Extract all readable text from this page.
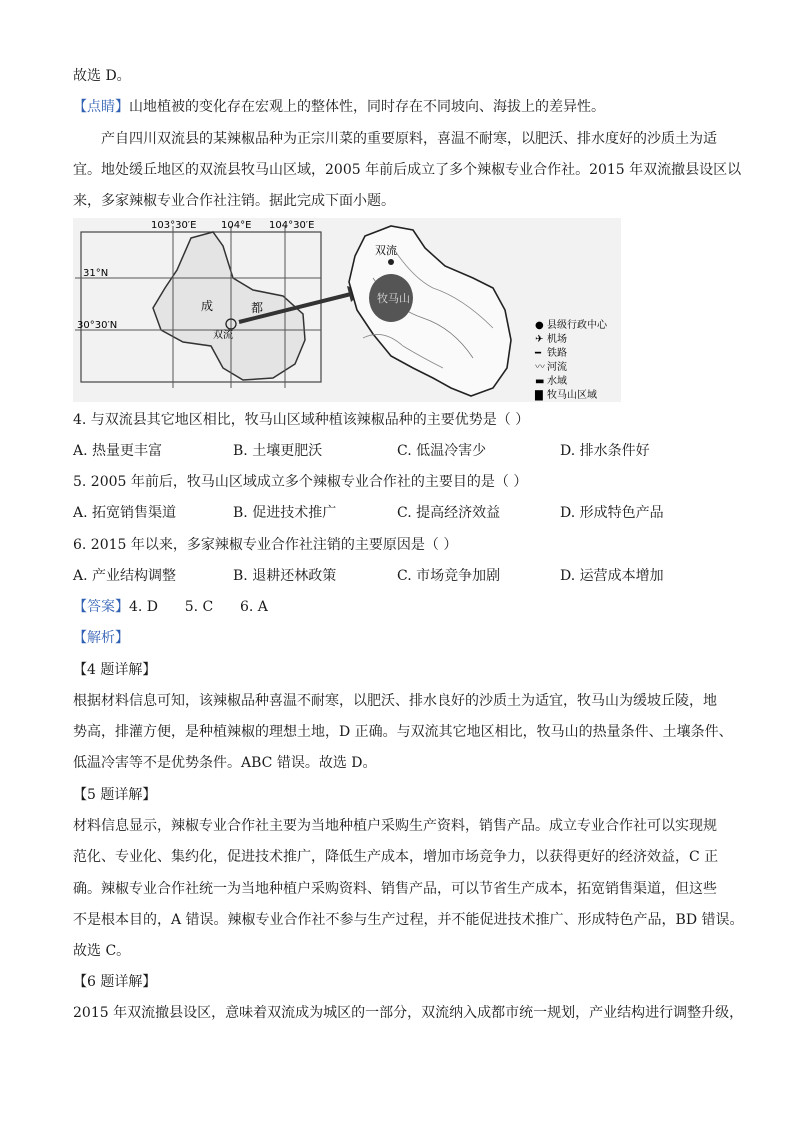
故选 D。
【点睛】山地植被的变化存在宏观上的整体性，同时存在不同坡向、海拔上的差异性。
产自四川双流县的某辣椒品种为正宗川菜的重要原料，喜温不耐寒，以肥沃、排水度好的沙质土为适
宜。地处缓丘地区的双流县牧马山区域，2005 年前后成立了多个辣椒专业合作社。2015 年双流撤县设区以
来，多家辣椒专业合作社注销。据此完成下面小题。
103°30′E 104°E 104°30′E
31°N
30°30′N
成	都
双流
牧马山
双流
● 县级行政中心
✈ 机场
━ 铁路
〰 河流
▬ 水域
▇ 牧马山区域
4. 与双流县其它地区相比，牧马山区域种植该辣椒品种的主要优势是（ ）
A. 热量更丰富	B. 土壤更肥沃	C. 低温冷害少	D. 排水条件好
5. 2005 年前后，牧马山区域成立多个辣椒专业合作社的主要目的是（ ）
A. 拓宽销售渠道	B. 促进技术推广	C. 提高经济效益	D. 形成特色产品
6. 2015 年以来，多家辣椒专业合作社注销的主要原因是（ ）
A. 产业结构调整	B. 退耕还林政策	C. 市场竞争加剧	D. 运营成本增加
【答案】4. D      5. C      6. A
【解析】
【4 题详解】
根据材料信息可知，该辣椒品种喜温不耐寒，以肥沃、排水良好的沙质土为适宜，牧马山为缓坡丘陵，地
势高，排灌方便，是种植辣椒的理想土地，D 正确。与双流其它地区相比，牧马山的热量条件、土壤条件、
低温冷害等不是优势条件。ABC 错误。故选 D。
【5 题详解】
材料信息显示，辣椒专业合作社主要为当地种植户采购生产资料，销售产品。成立专业合作社可以实现规
范化、专业化、集约化，促进技术推广，降低生产成本，增加市场竞争力，以获得更好的经济效益，C 正
确。辣椒专业合作社统一为当地种植户采购资料、销售产品，可以节省生产成本，拓宽销售渠道，但这些
不是根本目的，A 错误。辣椒专业合作社不参与生产过程，并不能促进技术推广、形成特色产品，BD 错误。
故选 C。
【6 题详解】
2015 年双流撤县设区，意味着双流成为城区的一部分，双流纳入成都市统一规划，产业结构进行调整升级，
